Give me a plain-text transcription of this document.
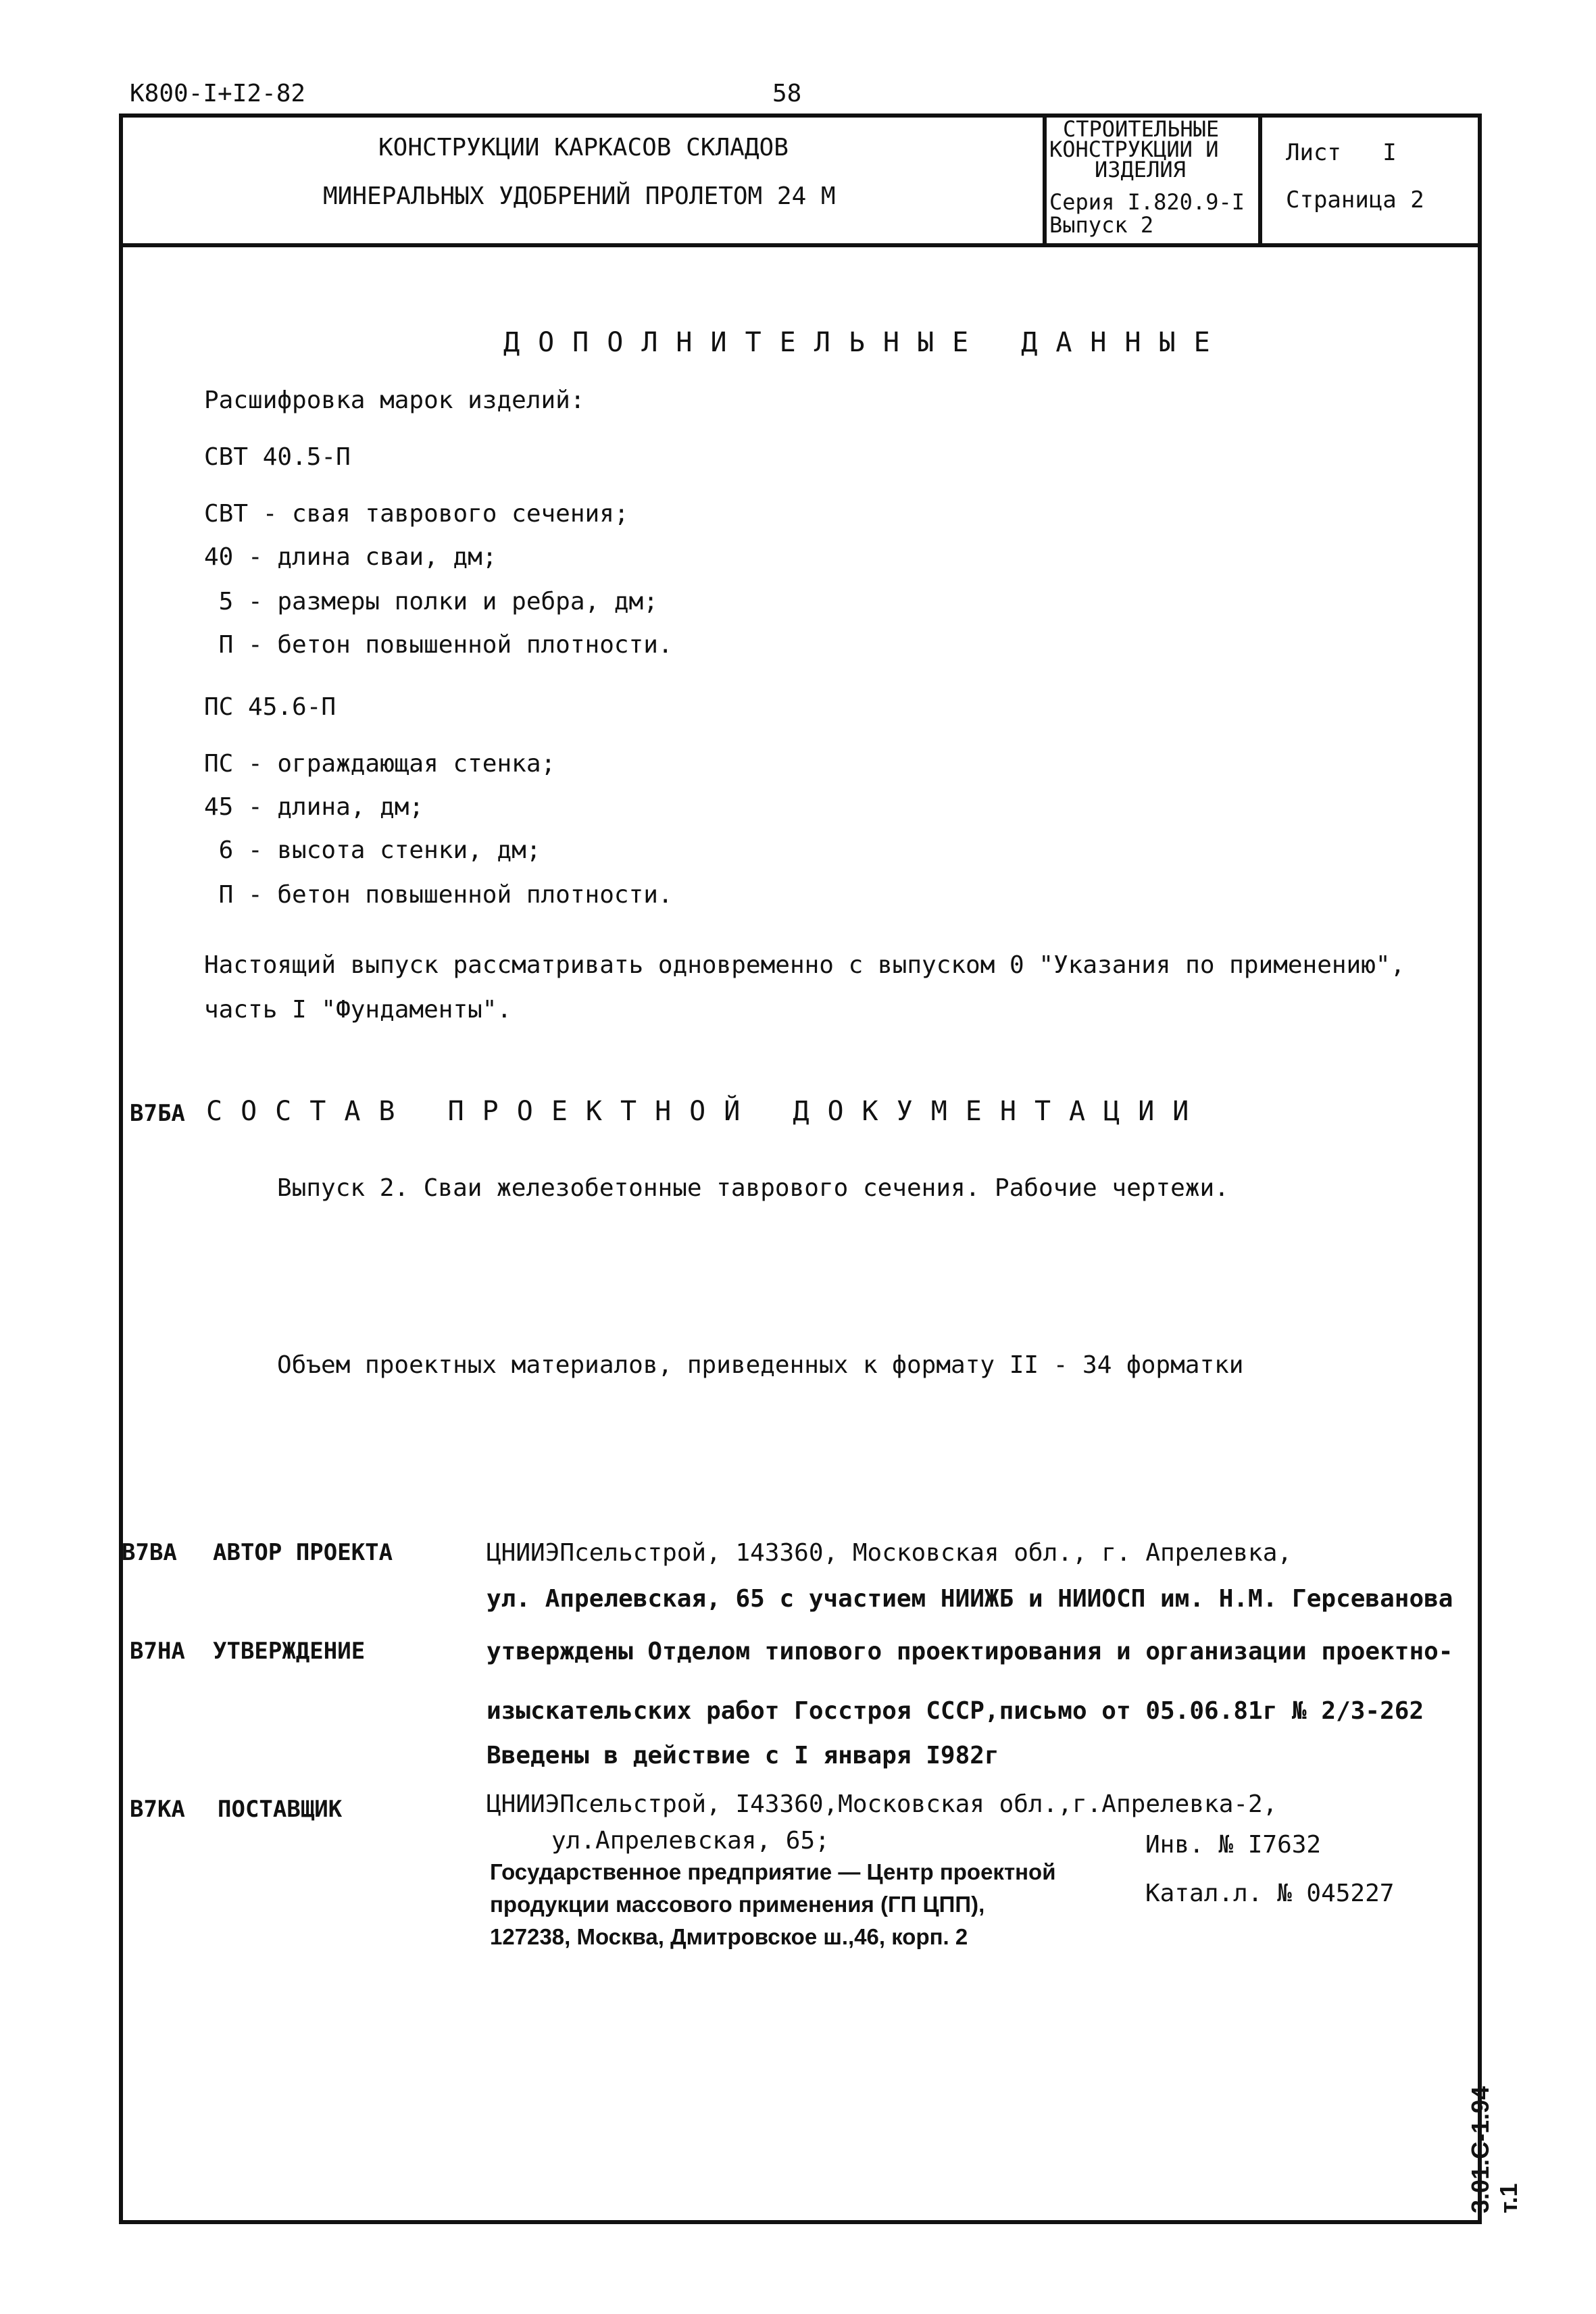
К800-I+I2-82	58
КОНСТРУКЦИИ КАРКАСОВ СКЛАДОВ
МИНЕРАЛЬНЫХ УДОБРЕНИЙ ПРОЛЕТОМ 24 М
СТРОИТЕЛЬНЫЕ
КОНСТРУКЦИИ И
ИЗДЕЛИЯ
Серия I.820.9-I
Выпуск 2
Лист   I
Страница 2
ДОПОЛНИТЕЛЬНЫЕ ДАННЫЕ
Расшифровка марок изделий:
СВТ 40.5-П
СВТ - свая таврового сечения;
40 - длина сваи, дм;
5 - размеры полки и ребра, дм;
П - бетон повышенной плотности.
ПС 45.6-П
ПС - ограждающая стенка;
45 - длина, дм;
6 - высота стенки, дм;
П - бетон повышенной плотности.
Настоящий выпуск рассматривать одновременно с выпуском 0 "Указания по применению",
часть I "Фундаменты".
В7БА СОСТАВ ПРОЕКТНОЙ ДОКУМЕНТАЦИИ
Выпуск 2. Сваи железобетонные таврового сечения. Рабочие чертежи.
Объем проектных материалов, приведенных к формату II - 34 форматки
В7ВА АВТОР ПРОЕКТА	ЦНИИЭПсельстрой, 143360, Московская обл., г. Апрелевка,
ул. Апрелевская, 65 с участием НИИЖБ и НИИОСП им. Н.М. Герсеванова
В7НА УТВЕРЖДЕНИЕ	утверждены Отделом типового проектирования и организации проектно-
изыскательских работ Госстроя СССР,письмо от 05.06.81г № 2/3-262
Введены в действие с I января I982г
В7КА ПОСТАВЩИК	ЦНИИЭПсельстрой, I43360,Московская обл.,г.Апрелевка-2,
ул.Апрелевская, 65;	Инв. № I7632
Катал.л. № 045227
Государственное предприятие — Центр проектной
продукции массового применения (ГП ЦПП),
127238, Москва, Дмитровское ш.,46, корп. 2
3.01.С-1.94 т.1
